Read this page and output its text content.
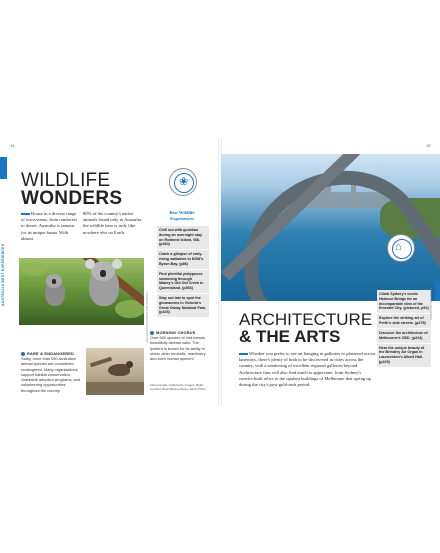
14
AUSTRALIA BEST EXPERIENCES
WILDLIFE
WONDERS
House to a diverse range of ecosystems, from rainforest to desert, Australia is famous for its unique fauna. With almost
80% of the country's native animals found only in Australia, the wildlife here is truly like nowhere else on Earth.
RARE & ENDANGERED
Sadly, more than 550 Australian animal species are considered endangered. Many organisations support habitat conservation, charitable adoption programs, and volunteering opportunities throughout the country.
❀
Best Wildlife Experiences
Chill out with quokkas during an overnight stay on Rottnest Island, WA. (p284)
Catch a glimpse of early-rising wallabies in NSW's Byron Bay. (p86)
Find plentiful platypuses swimming through Mabey's Old Old Creek in Queensland. (p366)
Stay out late to spot the glowworms in Victoria's Great Otway National Park. (p326)
MORNING CHORUS
Over 650 species of bird means beautifully diverse calls. The lyrebird is known for its ability to mimic other birdcalls, machinery and even human speech!
Above Koala, Gaffs/Getty Images. Right Lyrebird, Bush Brazen/Alamy Stock Photo
GAGLIARDIPHOTOGRAPHY/SHUTTERSTOCK
15
⌂
Best Art & Architecture Experiences
Climb Sydney's iconic Harbour Bridge for an incomparable view of the Emerald City. (pictured, p92)
Explore the striking art of Perth's side streets. (p278)
Discover the architecture of Melbourne's CBD. (p224)
Hear the unique beauty of the Brindley Air Organ in Launceston's Albert Hall. (p225)
ARCHITECTURE
& THE ARTS
Whether you prefer to see art hanging in galleries or plastered across laneways, there's plenty of both to be discovered in cities across the country, with a smattering of excellent regional galleries beyond. Architecture fans will also find much to appreciate, from Sydney's convict-built relics to the opulent buildings of Melbourne that spring up during the city's post-gold-rush period.
ANDREW / SHUTTERSTOCK
